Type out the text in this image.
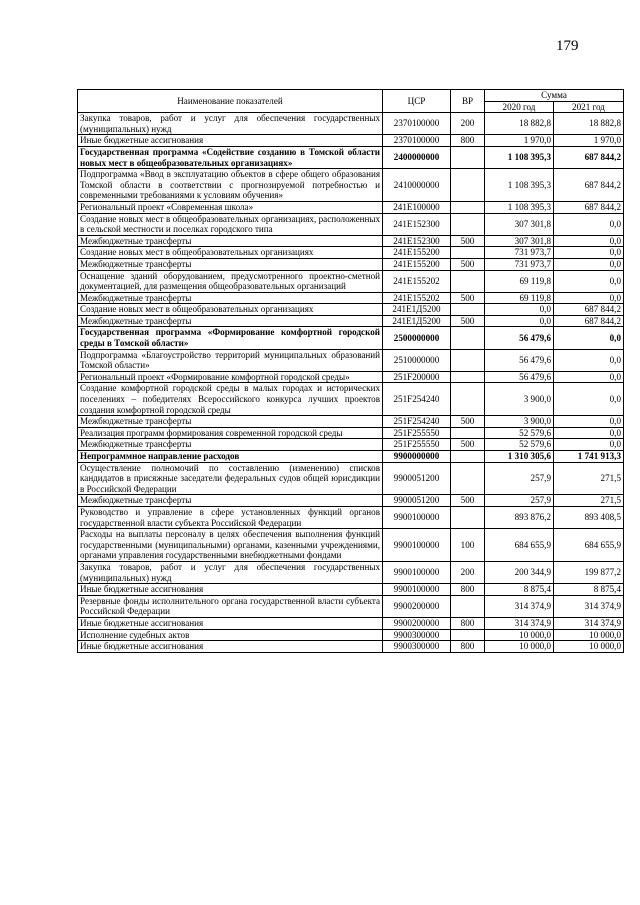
179
Наименование показателей	ЦСР	ВР	Сумма	
			2020 год	2021 год
Закупка товаров, работ и услуг для обеспечения государственных (муниципальных) нужд	2370100000	200	18 882,8	18 882,8
Иные бюджетные ассигнования	2370100000	800	1 970,0	1 970,0
Государственная программа «Содействие созданию в Томской области новых мест в общеобразовательных организациях»	2400000000		1 108 395,3	687 844,2
Подпрограмма «Ввод в эксплуатацию объектов в сфере общего образования Томской области в соответствии с прогнозируемой потребностью и современными требованиями к условиям обучения»	2410000000		1 108 395,3	687 844,2
Региональный проект «Современная школа»	241E100000		1 108 395,3	687 844,2
Создание новых мест в общеобразовательных организациях, расположенных в сельской местности и поселках городского типа	241E152300		307 301,8	0,0
Межбюджетные трансферты	241E152300	500	307 301,8	0,0
Создание новых мест в общеобразовательных организациях	241E155200		731 973,7	0,0
Межбюджетные трансферты	241E155200	500	731 973,7	0,0
Оснащение зданий оборудованием, предусмотренного проектно-сметной документацией, для размещения общеобразовательных организаций	241E155202		69 119,8	0,0
Межбюджетные трансферты	241E155202	500	69 119,8	0,0
Создание новых мест в общеобразовательных организациях	241E1Д5200		0,0	687 844,2
Межбюджетные трансферты	241E1Д5200	500	0,0	687 844,2
Государственная программа «Формирование комфортной городской среды в Томской области»	2500000000		56 479,6	0,0
Подпрограмма «Благоустройство территорий муниципальных образований Томской области»	2510000000		56 479,6	0,0
Региональный проект «Формирование комфортной городской среды»	251F200000		56 479,6	0,0
Создание комфортной городской среды в малых городах и исторических поселениях – победителях Всероссийского конкурса лучших проектов создания комфортной городской среды	251F254240		3 900,0	0,0
Межбюджетные трансферты	251F254240	500	3 900,0	0,0
Реализация программ формирования современной городской среды	251F255550		52 579,6	0,0
Межбюджетные трансферты	251F255550	500	52 579,6	0,0
Непрограммное направление расходов	9900000000		1 310 305,6	1 741 913,3
Осуществление полномочий по составлению (изменению) списков кандидатов в присяжные заседатели федеральных судов общей юрисдикции в Российской Федерации	9900051200		257,9	271,5
Межбюджетные трансферты	9900051200	500	257,9	271,5
Руководство и управление в сфере установленных функций органов государственной власти субъекта Российской Федерации	9900100000		893 876,2	893 408,5
Расходы на выплаты персоналу в целях обеспечения выполнения функций государственными (муниципальными) органами, казенными учреждениями, органами управления государственными внебюджетными фондами	9900100000	100	684 655,9	684 655,9
Закупка товаров, работ и услуг для обеспечения государственных (муниципальных) нужд	9900100000	200	200 344,9	199 877,2
Иные бюджетные ассигнования	9900100000	800	8 875,4	8 875,4
Резервные фонды исполнительного органа государственной власти субъекта Российской Федерации	9900200000		314 374,9	314 374,9
Иные бюджетные ассигнования	9900200000	800	314 374,9	314 374,9
Исполнение судебных актов	9900300000		10 000,0	10 000,0
Иные бюджетные ассигнования	9900300000	800	10 000,0	10 000,0
